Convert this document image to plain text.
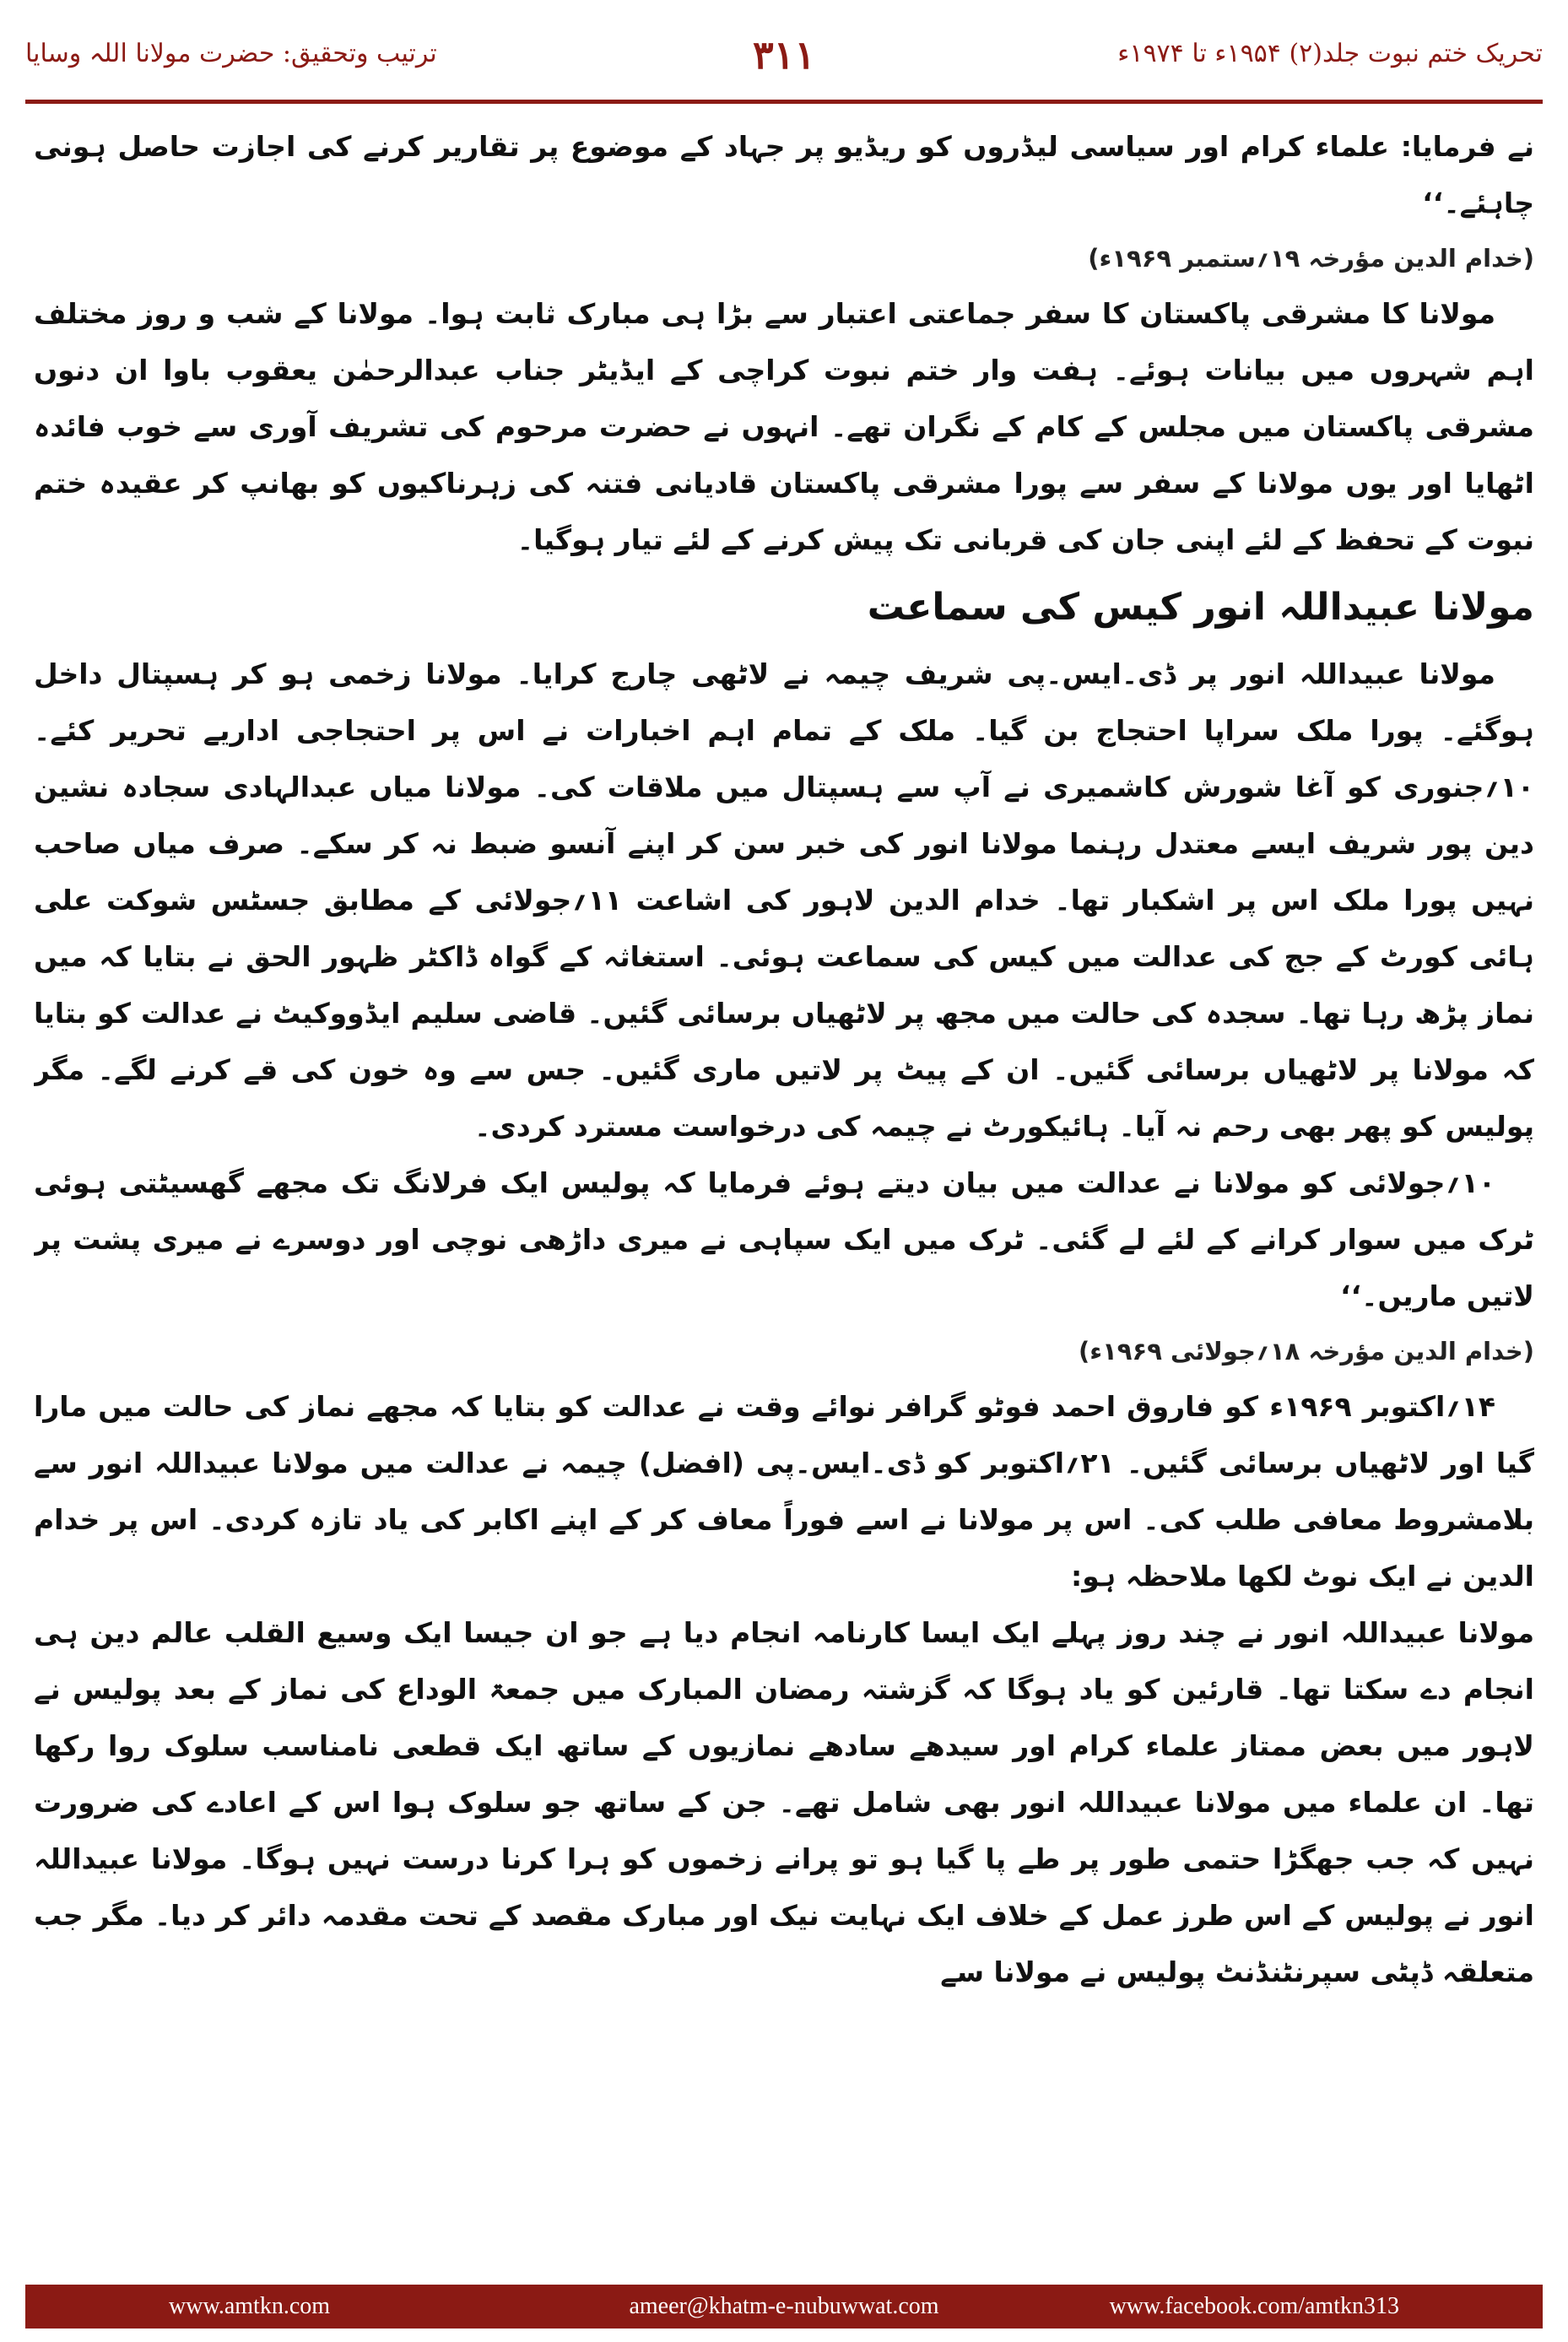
ترتیب وتحقیق: حضرت مولانا اللہ وسایا	۳۱۱	تحریک ختم نبوت جلد(۲) ۱۹۵۴ء تا ۱۹۷۴ء

نے فرمایا: علماء کرام اور سیاسی لیڈروں کو ریڈیو پر جہاد کے موضوع پر تقاریر کرنے کی اجازت حاصل ہونی چاہئے۔‘‘

(خدام الدین مؤرخہ ۱۹؍ستمبر ۱۹۶۹ء)

مولانا کا مشرقی پاکستان کا سفر جماعتی اعتبار سے بڑا ہی مبارک ثابت ہوا۔ مولانا کے شب و روز مختلف اہم شہروں میں بیانات ہوئے۔ ہفت وار ختم نبوت کراچی کے ایڈیٹر جناب عبدالرحمٰن یعقوب باوا ان دنوں مشرقی پاکستان میں مجلس کے کام کے نگران تھے۔ انہوں نے حضرت مرحوم کی تشریف آوری سے خوب فائدہ اٹھایا اور یوں مولانا کے سفر سے پورا مشرقی پاکستان قادیانی فتنہ کی زہرناکیوں کو بھانپ کر عقیدہ ختم نبوت کے تحفظ کے لئے اپنی جان کی قربانی تک پیش کرنے کے لئے تیار ہوگیا۔

مولانا عبیداللہ انور کیس کی سماعت

مولانا عبیداللہ انور پر ڈی۔ایس۔پی شریف چیمہ نے لاٹھی چارج کرایا۔ مولانا زخمی ہو کر ہسپتال داخل ہوگئے۔ پورا ملک سراپا احتجاج بن گیا۔ ملک کے تمام اہم اخبارات نے اس پر احتجاجی اداریے تحریر کئے۔ ۱۰؍جنوری کو آغا شورش کاشمیری نے آپ سے ہسپتال میں ملاقات کی۔ مولانا میاں عبدالہادی سجادہ نشین دین پور شریف ایسے معتدل رہنما مولانا انور کی خبر سن کر اپنے آنسو ضبط نہ کر سکے۔ صرف میاں صاحب نہیں پورا ملک اس پر اشکبار تھا۔ خدام الدین لاہور کی اشاعت ۱۱؍جولائی کے مطابق جسٹس شوکت علی ہائی کورٹ کے جج کی عدالت میں کیس کی سماعت ہوئی۔ استغاثہ کے گواہ ڈاکٹر ظہور الحق نے بتایا کہ میں نماز پڑھ رہا تھا۔ سجدہ کی حالت میں مجھ پر لاٹھیاں برسائی گئیں۔ قاضی سلیم ایڈووکیٹ نے عدالت کو بتایا کہ مولانا پر لاٹھیاں برسائی گئیں۔ ان کے پیٹ پر لاتیں ماری گئیں۔ جس سے وہ خون کی قے کرنے لگے۔ مگر پولیس کو پھر بھی رحم نہ آیا۔ ہائیکورٹ نے چیمہ کی درخواست مسترد کردی۔

۱۰؍جولائی کو مولانا نے عدالت میں بیان دیتے ہوئے فرمایا کہ پولیس ایک فرلانگ تک مجھے گھسیٹتی ہوئی ٹرک میں سوار کرانے کے لئے لے گئی۔ ٹرک میں ایک سپاہی نے میری داڑھی نوچی اور دوسرے نے میری پشت پر لاتیں ماریں۔‘‘

(خدام الدین مؤرخہ ۱۸؍جولائی ۱۹۶۹ء)

۱۴؍اکتوبر ۱۹۶۹ء کو فاروق احمد فوٹو گرافر نوائے وقت نے عدالت کو بتایا کہ مجھے نماز کی حالت میں مارا گیا اور لاٹھیاں برسائی گئیں۔ ۲۱؍اکتوبر کو ڈی۔ایس۔پی (افضل) چیمہ نے عدالت میں مولانا عبیداللہ انور سے بلامشروط معافی طلب کی۔ اس پر مولانا نے اسے فوراً معاف کر کے اپنے اکابر کی یاد تازہ کردی۔ اس پر خدام الدین نے ایک نوٹ لکھا ملاحظہ ہو:

مولانا عبیداللہ انور نے چند روز پہلے ایک ایسا کارنامہ انجام دیا ہے جو ان جیسا ایک وسیع القلب عالم دین ہی انجام دے سکتا تھا۔ قارئین کو یاد ہوگا کہ گزشتہ رمضان المبارک میں جمعۃ الوداع کی نماز کے بعد پولیس نے لاہور میں بعض ممتاز علماء کرام اور سیدھے سادھے نمازیوں کے ساتھ ایک قطعی نامناسب سلوک روا رکھا تھا۔ ان علماء میں مولانا عبیداللہ انور بھی شامل تھے۔ جن کے ساتھ جو سلوک ہوا اس کے اعادے کی ضرورت نہیں کہ جب جھگڑا حتمی طور پر طے پا گیا ہو تو پرانے زخموں کو ہرا کرنا درست نہیں ہوگا۔ مولانا عبیداللہ انور نے پولیس کے اس طرز عمل کے خلاف ایک نہایت نیک اور مبارک مقصد کے تحت مقدمہ دائر کر دیا۔ مگر جب متعلقہ ڈپٹی سپرنٹنڈنٹ پولیس نے مولانا سے

www.amtkn.com	ameer@khatm-e-nubuwwat.com	www.facebook.com/amtkn313
